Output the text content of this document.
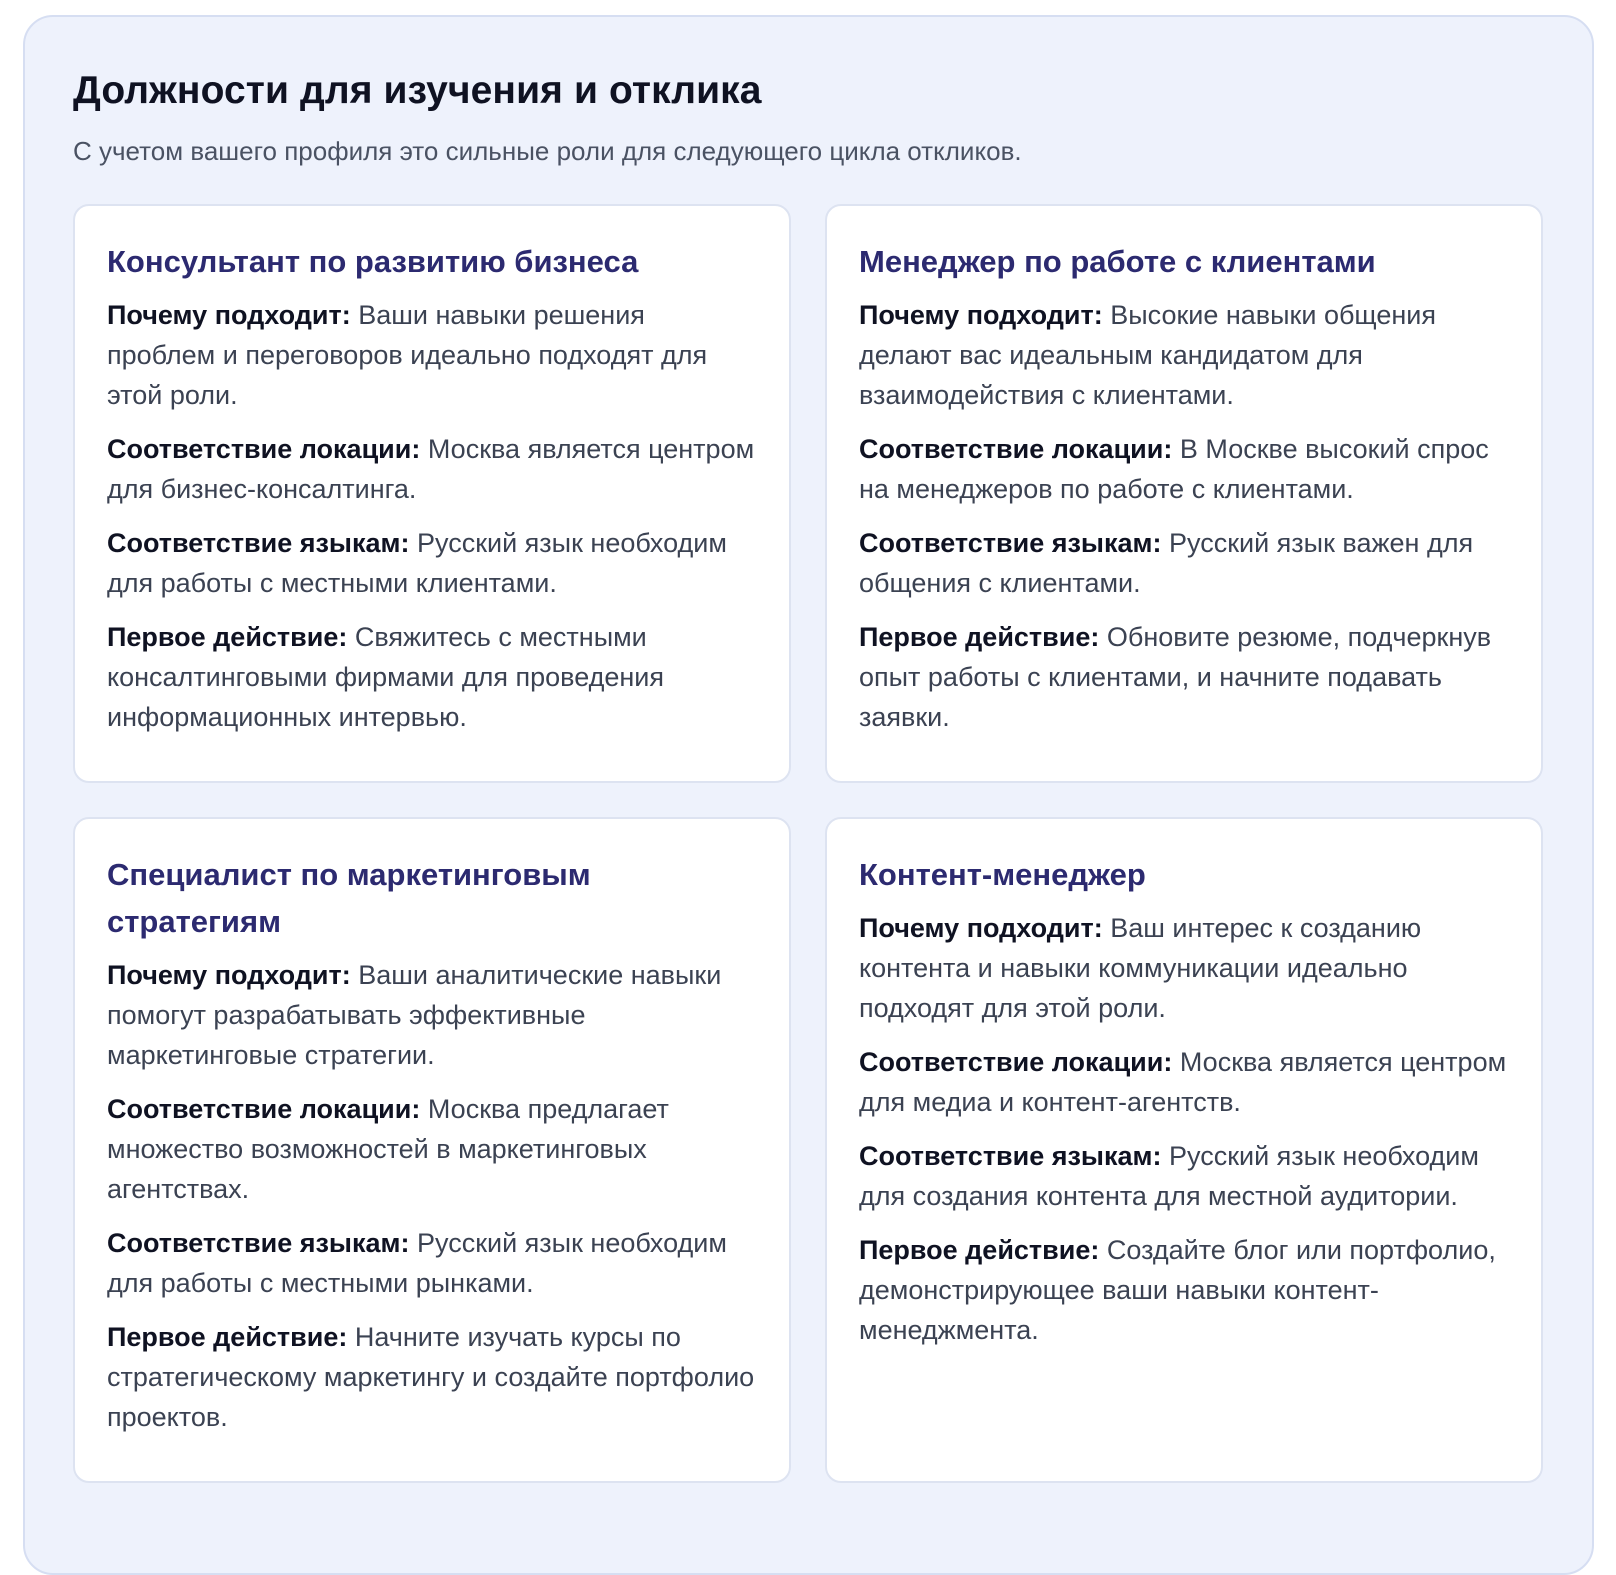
Должности для изучения и отклика

С учетом вашего профиля это сильные роли для следующего цикла откликов.

Консультант по развитию бизнеса

Почему подходит: Ваши навыки решения проблем и переговоров идеально подходят для этой роли.

Соответствие локации: Москва является центром для бизнес-консалтинга.

Соответствие языкам: Русский язык необходим для работы с местными клиентами.

Первое действие: Свяжитесь с местными консалтинговыми фирмами для проведения информационных интервью.

Менеджер по работе с клиентами

Почему подходит: Высокие навыки общения делают вас идеальным кандидатом для взаимодействия с клиентами.

Соответствие локации: В Москве высокий спрос на менеджеров по работе с клиентами.

Соответствие языкам: Русский язык важен для общения с клиентами.

Первое действие: Обновите резюме, подчеркнув опыт работы с клиентами, и начните подавать заявки.

Специалист по маркетинговым стратегиям

Почему подходит: Ваши аналитические навыки помогут разрабатывать эффективные маркетинговые стратегии.

Соответствие локации: Москва предлагает множество возможностей в маркетинговых агентствах.

Соответствие языкам: Русский язык необходим для работы с местными рынками.

Первое действие: Начните изучать курсы по стратегическому маркетингу и создайте портфолио проектов.

Контент-менеджер

Почему подходит: Ваш интерес к созданию контента и навыки коммуникации идеально подходят для этой роли.

Соответствие локации: Москва является центром для медиа и контент-агентств.

Соответствие языкам: Русский язык необходим для создания контента для местной аудитории.

Первое действие: Создайте блог или портфолио, демонстрирующее ваши навыки контент-менеджмента.
